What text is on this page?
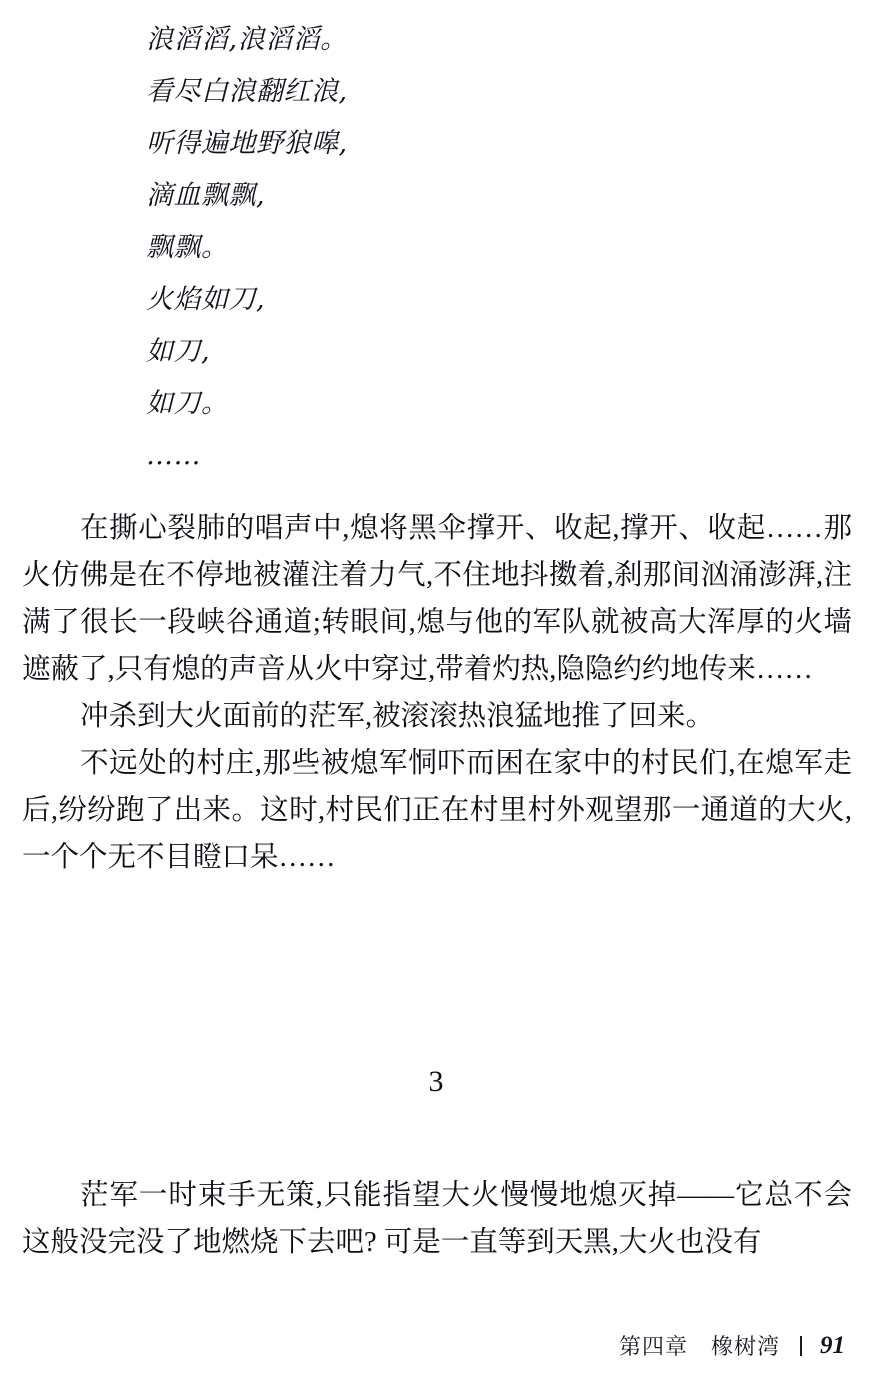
浪滔滔,浪滔滔。
看尽白浪翻红浪,
听得遍地野狼嗥,
滴血飘飘,
飘飘。
火焰如刀,
如刀,
如刀。
……

在撕心裂肺的唱声中,熄将黑伞撑开、收起,撑开、收起……那火仿佛是在不停地被灌注着力气,不住地抖擞着,刹那间汹涌澎湃,注满了很长一段峡谷通道;转眼间,熄与他的军队就被高大浑厚的火墙遮蔽了,只有熄的声音从火中穿过,带着灼热,隐隐约约地传来……

冲杀到大火面前的茫军,被滚滚热浪猛地推了回来。

不远处的村庄,那些被熄军恫吓而困在家中的村民们,在熄军走后,纷纷跑了出来。这时,村民们正在村里村外观望那一通道的大火,一个个无不目瞪口呆……

3

茫军一时束手无策,只能指望大火慢慢地熄灭掉——它总不会这般没完没了地燃烧下去吧? 可是一直等到天黑,大火也没有

第四章　橡树湾 91
